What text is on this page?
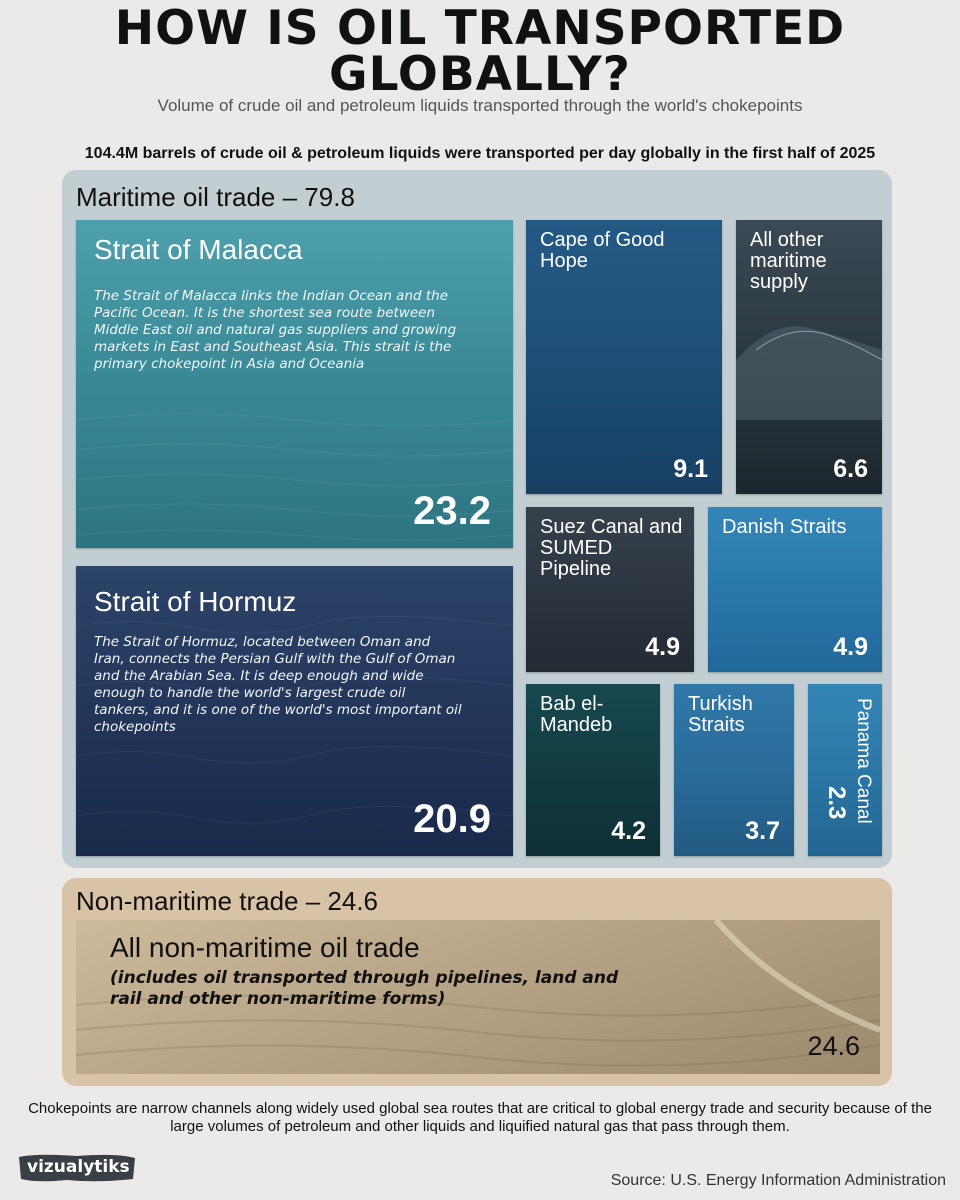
HOW IS OIL TRANSPORTED GLOBALLY?
Volume of crude oil and petroleum liquids transported through the world's chokepoints
104.4M barrels of crude oil & petroleum liquids were transported per day globally in the first half of 2025
Maritime oil trade – 79.8
Strait of Malacca
The Strait of Malacca links the Indian Ocean and the Pacific Ocean. It is the shortest sea route between Middle East oil and natural gas suppliers and growing markets in East and Southeast Asia. This strait is the primary chokepoint in Asia and Oceania
23.2
Strait of Hormuz
The Strait of Hormuz, located between Oman and Iran, connects the Persian Gulf with the Gulf of Oman and the Arabian Sea. It is deep enough and wide enough to handle the world's largest crude oil tankers, and it is one of the world's most important oil chokepoints
20.9
Cape of Good Hope
9.1
All other maritime supply
6.6
Suez Canal and SUMED Pipeline
4.9
Danish Straits
4.9
Bab el-Mandeb
4.2
Turkish Straits
3.7
Panama Canal
2.3
Non-maritime trade – 24.6
All non-maritime oil trade
(includes oil transported through pipelines, land and rail and other non-maritime forms)
24.6
Chokepoints are narrow channels along widely used global sea routes that are critical to global energy trade and security because of the large volumes of petroleum and other liquids and liquified natural gas that pass through them.
vizualytiks
Source: U.S. Energy Information Administration
